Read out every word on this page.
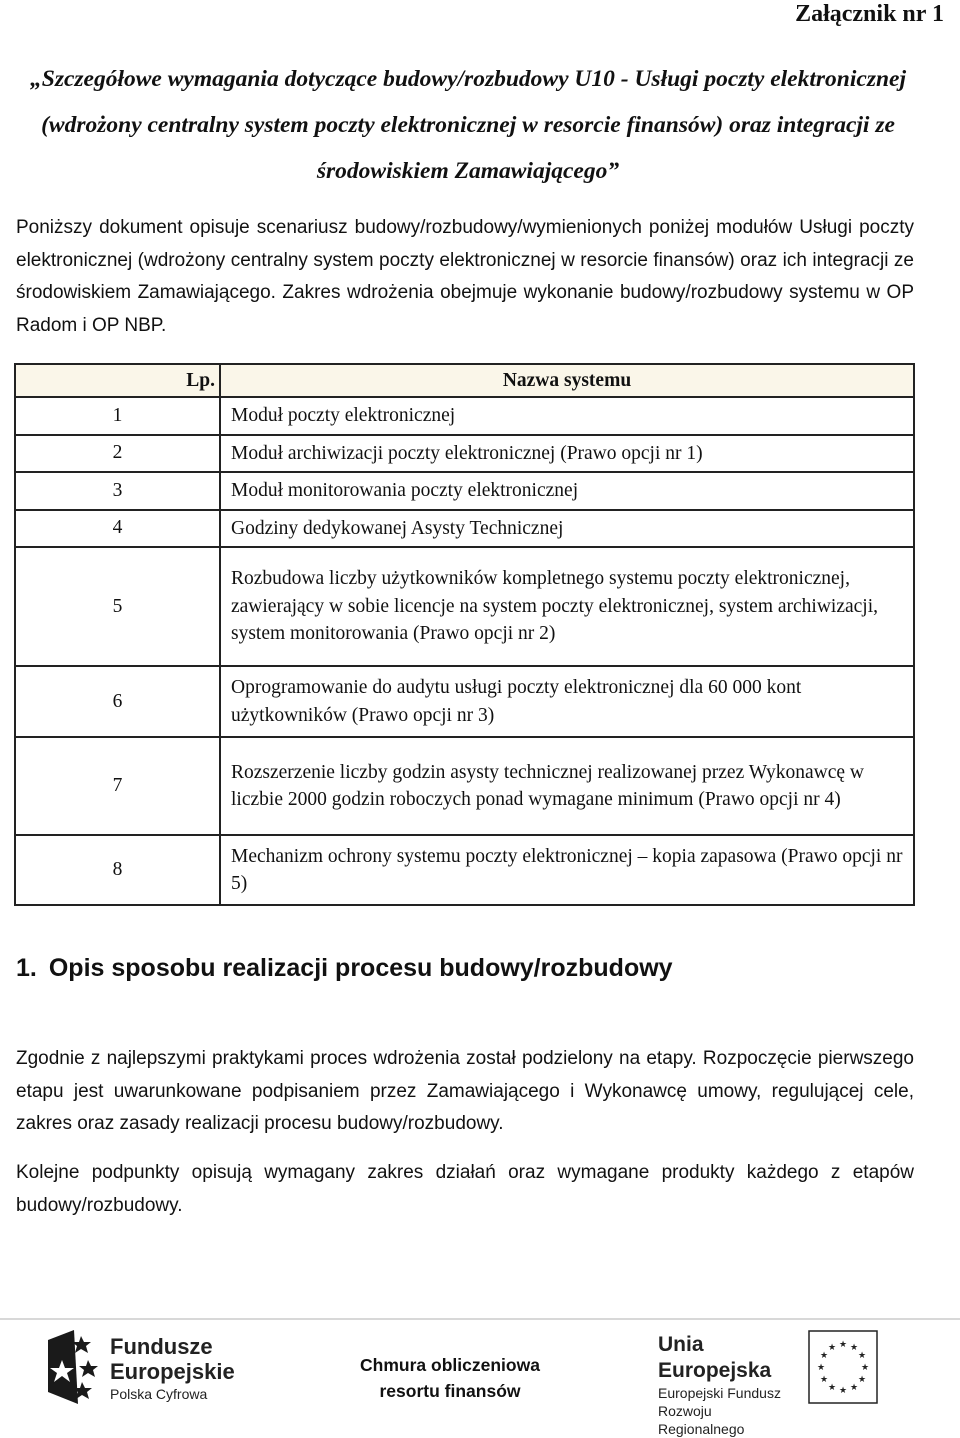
Załącznik nr 1
„Szczegółowe wymagania dotyczące budowy/rozbudowy U10 - Usługi poczty elektronicznej (wdrożony centralny system poczty elektronicznej w resorcie finansów) oraz integracji ze środowiskiem Zamawiającego”

Poniższy dokument opisuje scenariusz budowy/rozbudowy/wymienionych poniżej modułów Usługi poczty elektronicznej (wdrożony centralny system poczty elektronicznej w resorcie finansów) oraz ich integracji ze środowiskiem Zamawiającego. Zakres wdrożenia obejmuje wykonanie budowy/rozbudowy systemu w OP Radom i OP NBP.

Lp.	Nazwa systemu
1	Moduł poczty elektronicznej
2	Moduł archiwizacji poczty elektronicznej (Prawo opcji nr 1)
3	Moduł monitorowania poczty elektronicznej
4	Godziny dedykowanej Asysty Technicznej
5	Rozbudowa liczby użytkowników kompletnego systemu poczty elektronicznej, zawierający w sobie licencje na system poczty elektronicznej, system archiwizacji, system monitorowania (Prawo opcji nr 2)
6	Oprogramowanie do audytu usługi poczty elektronicznej dla 60 000 kont użytkowników (Prawo opcji nr 3)
7	Rozszerzenie liczby godzin asysty technicznej realizowanej przez Wykonawcę w liczbie 2000 godzin roboczych ponad wymagane minimum (Prawo opcji nr 4)
8	Mechanizm ochrony systemu poczty elektronicznej – kopia zapasowa (Prawo opcji nr 5)
1. Opis sposobu realizacji procesu budowy/rozbudowy

Zgodnie z najlepszymi praktykami proces wdrożenia został podzielony na etapy. Rozpoczęcie pierwszego etapu jest uwarunkowane podpisaniem przez Zamawiającego i Wykonawcę umowy, regulującej cele, zakres oraz zasady realizacji procesu budowy/rozbudowy.

Kolejne podpunkty opisują wymagany zakres działań oraz wymagane produkty każdego z etapów budowy/rozbudowy.

Fundusze
Europejskie
Polska Cyfrowa
Chmura obliczeniowa
resortu finansów
Unia Europejska
Europejski Fundusz
Rozwoju Regionalnego
★ ★
★
★
★
★
★
★
★
★
★
★
